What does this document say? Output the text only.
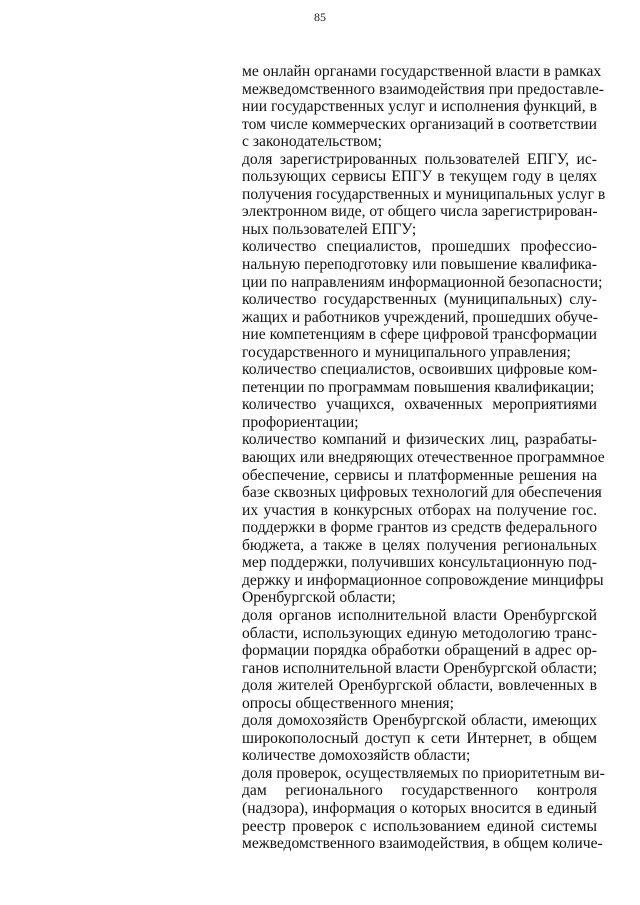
85
ме онлайн органами государственной власти в рамках
межведомственного взаимодействия при предоставле-
нии государственных услуг и исполнения функций, в
том числе коммерческих организаций в соответствии
с законодательством;
доля зарегистрированных пользователей ЕПГУ, ис-
пользующих сервисы ЕПГУ в текущем году в целях
получения государственных и муниципальных услуг в
электронном виде, от общего числа зарегистрирован-
ных пользователей ЕПГУ;
количество специалистов, прошедших профессио-
нальную переподготовку или повышение квалифика-
ции по направлениям информационной безопасности;
количество государственных (муниципальных) слу-
жащих и работников учреждений, прошедших обуче-
ние компетенциям в сфере цифровой трансформации
государственного и муниципального управления;
количество специалистов, освоивших цифровые ком-
петенции по программам повышения квалификации;
количество учащихся, охваченных мероприятиями
профориентации;
количество компаний и физических лиц, разрабаты-
вающих или внедряющих отечественное программное
обеспечение, сервисы и платформенные решения на
базе сквозных цифровых технологий для обеспечения
их участия в конкурсных отборах на получение гос.
поддержки в форме грантов из средств федерального
бюджета, а также в целях получения региональных
мер поддержки, получивших консультационную под-
держку и информационное сопровождение минцифры
Оренбургской области;
доля органов исполнительной власти Оренбургской
области, использующих единую методологию транс-
формации порядка обработки обращений в адрес ор-
ганов исполнительной власти Оренбургской области;
доля жителей Оренбургской области, вовлеченных в
опросы общественного мнения;
доля домохозяйств Оренбургской области, имеющих
широкополосный доступ к сети Интернет, в общем
количестве домохозяйств области;
доля проверок, осуществляемых по приоритетным ви-
дам регионального государственного контроля
(надзора), информация о которых вносится в единый
реестр проверок с использованием единой системы
межведомственного взаимодействия, в общем количе-
